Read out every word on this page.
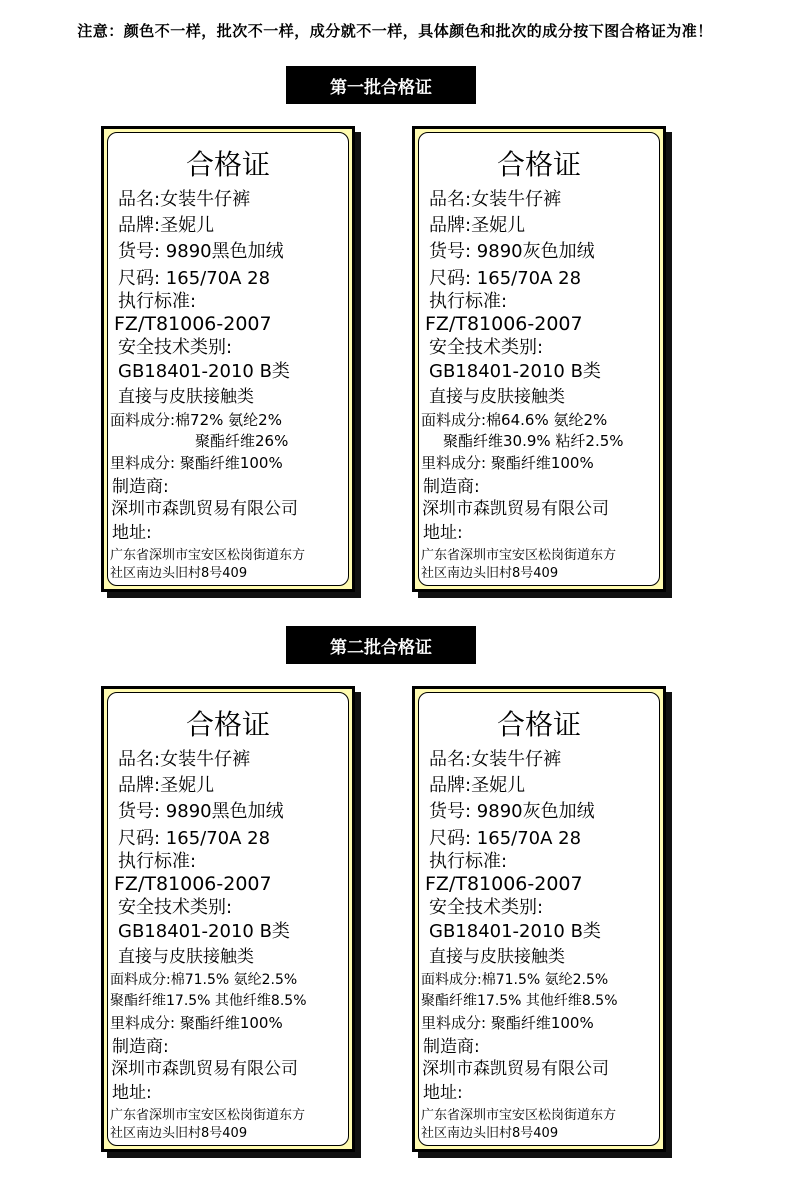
注意：颜色不一样，批次不一样，成分就不一样，具体颜色和批次的成分按下图合格证为准！
第一批合格证
合格证
品名:女装牛仔裤
品牌:圣妮儿
货号: 9890黑色加绒
尺码: 165/70A 28
执行标准:
FZ/T81006-2007
安全技术类别:
GB18401-2010 B类
直接与皮肤接触类
面料成分:棉72% 氨纶2%
聚酯纤维26%
里料成分: 聚酯纤维100%
制造商:
深圳市森凯贸易有限公司
地址:
广东省深圳市宝安区松岗街道东方
社区南边头旧村8号409
合格证
品名:女装牛仔裤
品牌:圣妮儿
货号: 9890灰色加绒
尺码: 165/70A 28
执行标准:
FZ/T81006-2007
安全技术类别:
GB18401-2010 B类
直接与皮肤接触类
面料成分:棉64.6% 氨纶2%
聚酯纤维30.9% 粘纤2.5%
里料成分: 聚酯纤维100%
制造商:
深圳市森凯贸易有限公司
地址:
广东省深圳市宝安区松岗街道东方
社区南边头旧村8号409
第二批合格证
合格证
品名:女装牛仔裤
品牌:圣妮儿
货号: 9890黑色加绒
尺码: 165/70A 28
执行标准:
FZ/T81006-2007
安全技术类别:
GB18401-2010 B类
直接与皮肤接触类
面料成分:棉71.5% 氨纶2.5%
聚酯纤维17.5% 其他纤维8.5%
里料成分: 聚酯纤维100%
制造商:
深圳市森凯贸易有限公司
地址:
广东省深圳市宝安区松岗街道东方
社区南边头旧村8号409
合格证
品名:女装牛仔裤
品牌:圣妮儿
货号: 9890灰色加绒
尺码: 165/70A 28
执行标准:
FZ/T81006-2007
安全技术类别:
GB18401-2010 B类
直接与皮肤接触类
面料成分:棉71.5% 氨纶2.5%
聚酯纤维17.5% 其他纤维8.5%
里料成分: 聚酯纤维100%
制造商:
深圳市森凯贸易有限公司
地址:
广东省深圳市宝安区松岗街道东方
社区南边头旧村8号409
